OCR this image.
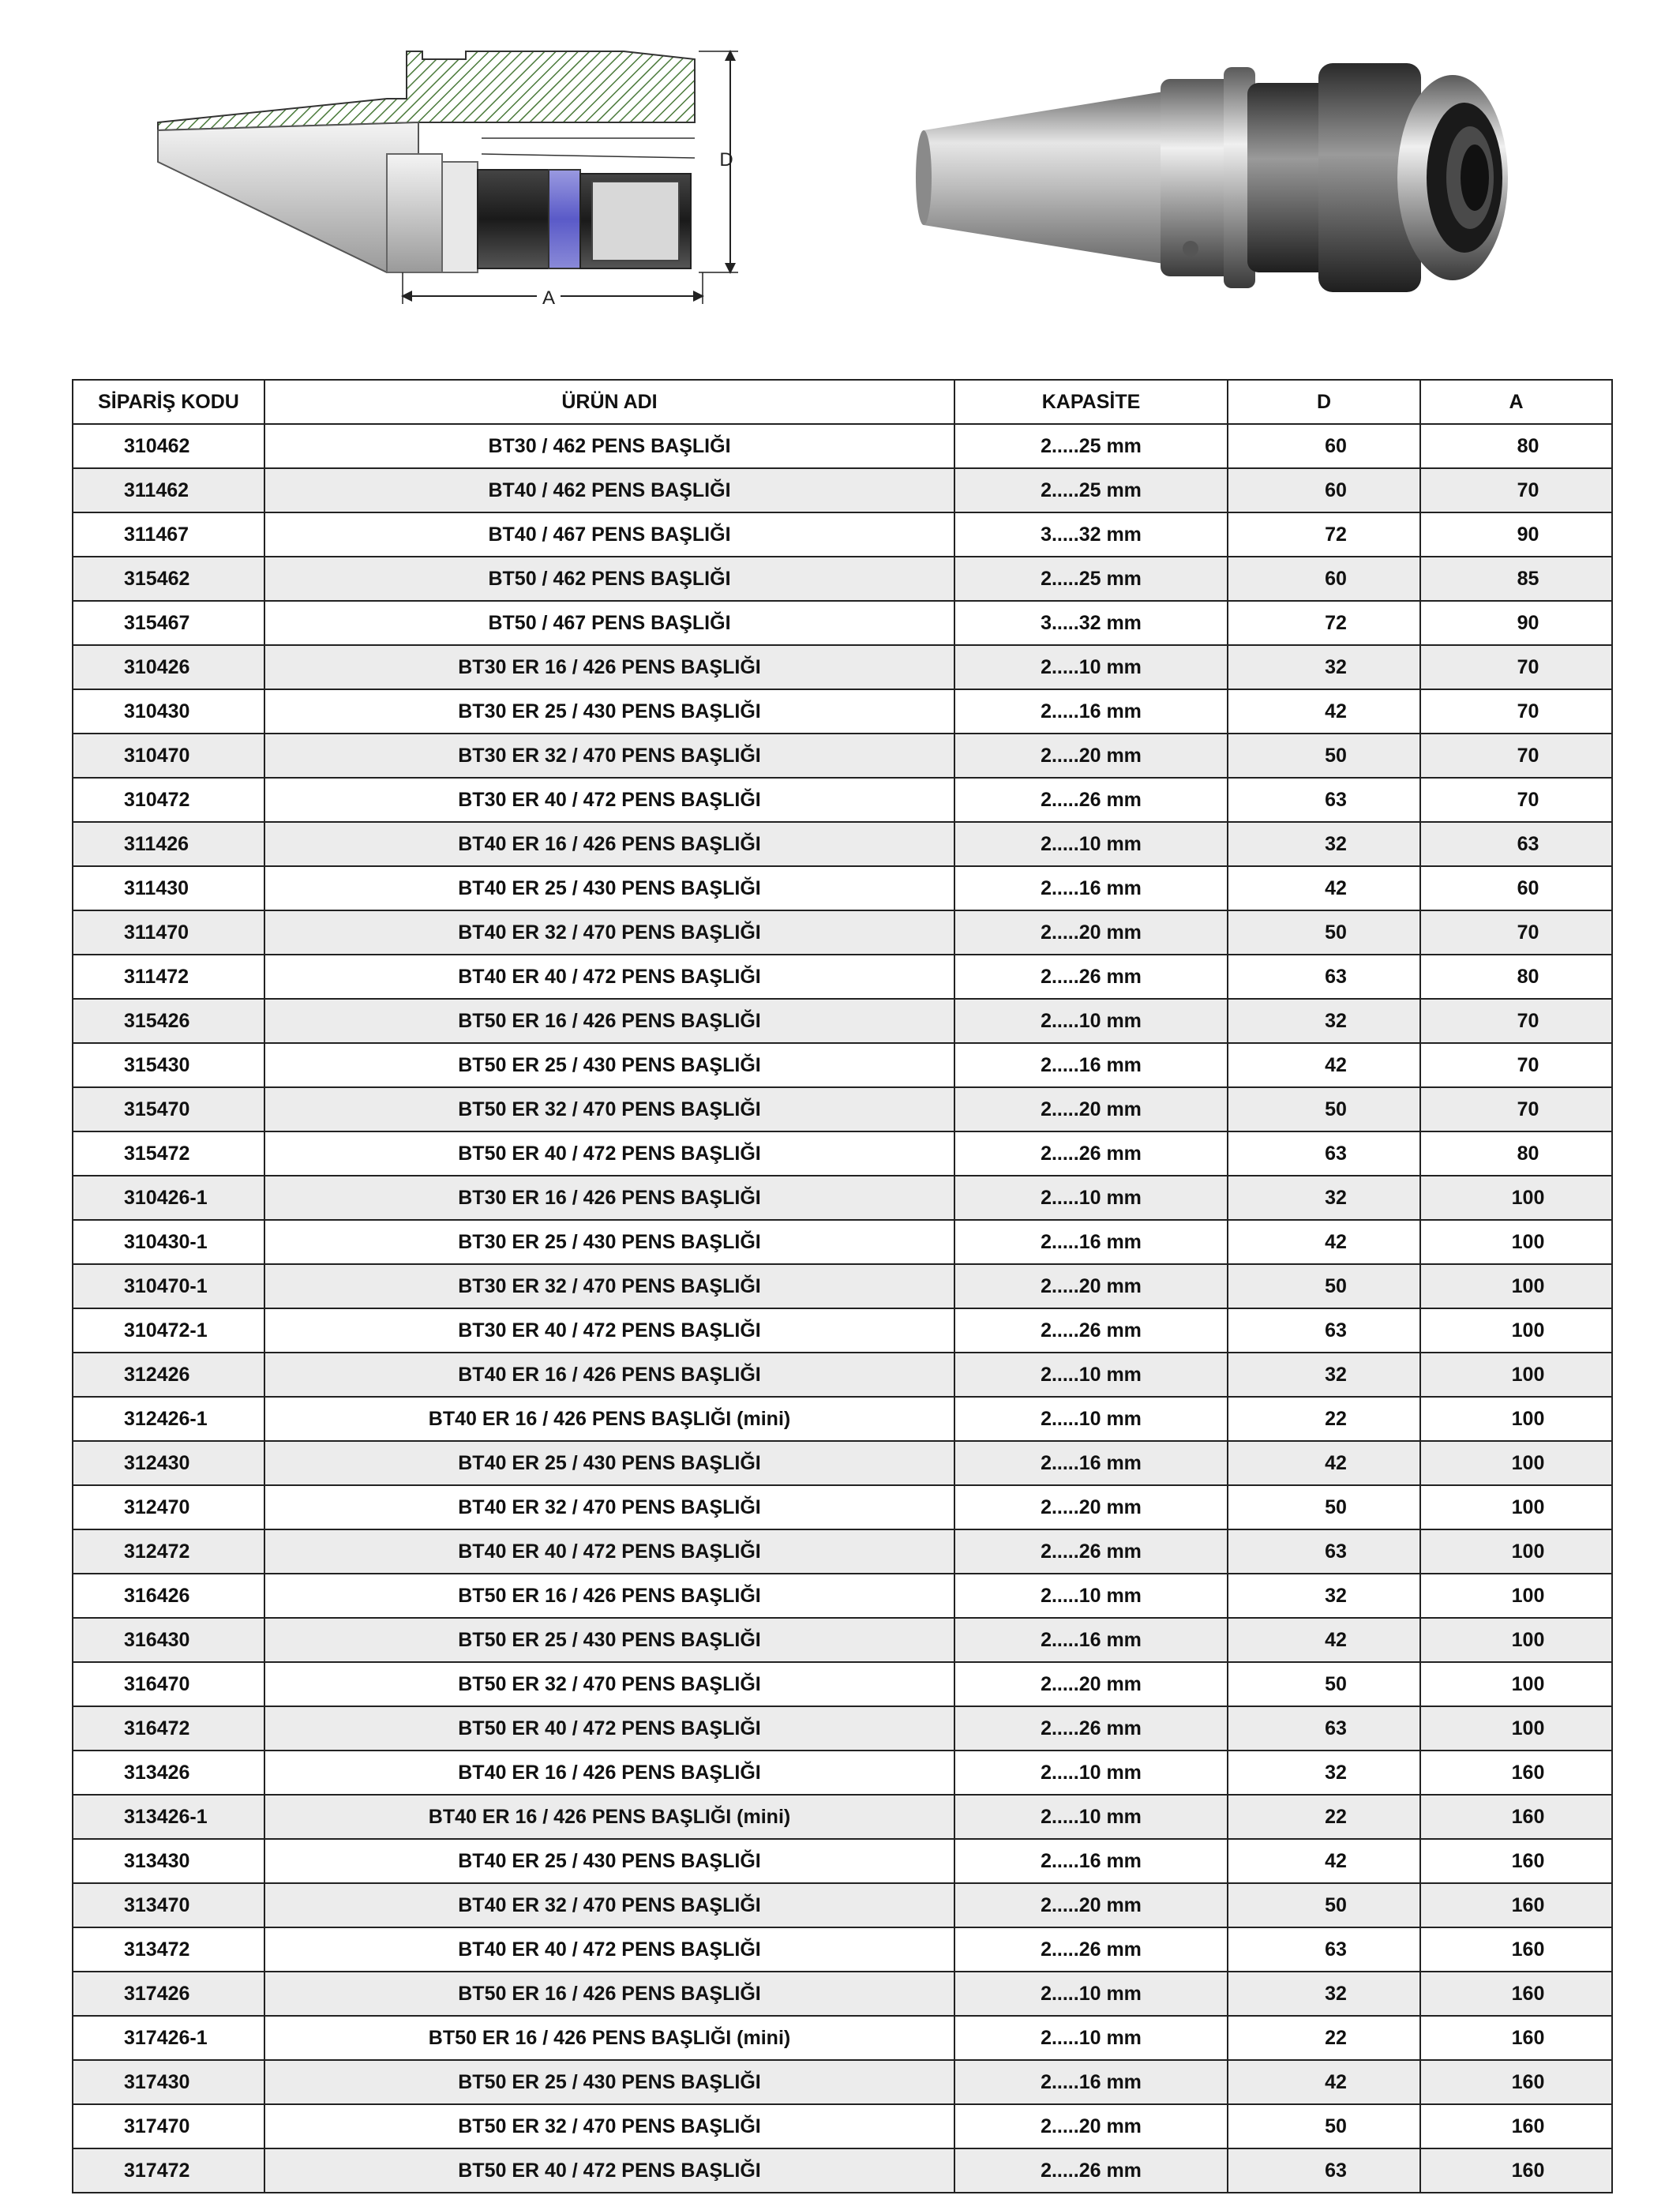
D
A
SİPARİŞ KODU	ÜRÜN ADI	KAPASİTE	D	A
310462	BT30 / 462 PENS BAŞLIĞI	2.....25 mm	60	80
311462	BT40 / 462 PENS BAŞLIĞI	2.....25 mm	60	70
311467	BT40 / 467 PENS BAŞLIĞI	3.....32 mm	72	90
315462	BT50 / 462 PENS BAŞLIĞI	2.....25 mm	60	85
315467	BT50 / 467 PENS BAŞLIĞI	3.....32 mm	72	90
310426	BT30 ER 16 / 426 PENS BAŞLIĞI	2.....10 mm	32	70
310430	BT30 ER 25 / 430 PENS BAŞLIĞI	2.....16 mm	42	70
310470	BT30 ER 32 / 470 PENS BAŞLIĞI	2.....20 mm	50	70
310472	BT30 ER 40 / 472 PENS BAŞLIĞI	2.....26 mm	63	70
311426	BT40 ER 16 / 426 PENS BAŞLIĞI	2.....10 mm	32	63
311430	BT40 ER 25 / 430 PENS BAŞLIĞI	2.....16 mm	42	60
311470	BT40 ER 32 / 470 PENS BAŞLIĞI	2.....20 mm	50	70
311472	BT40 ER 40 / 472 PENS BAŞLIĞI	2.....26 mm	63	80
315426	BT50 ER 16 / 426 PENS BAŞLIĞI	2.....10 mm	32	70
315430	BT50 ER 25 / 430 PENS BAŞLIĞI	2.....16 mm	42	70
315470	BT50 ER 32 / 470 PENS BAŞLIĞI	2.....20 mm	50	70
315472	BT50 ER 40 / 472 PENS BAŞLIĞI	2.....26 mm	63	80
310426-1	BT30 ER 16 / 426 PENS BAŞLIĞI	2.....10 mm	32	100
310430-1	BT30 ER 25 / 430 PENS BAŞLIĞI	2.....16 mm	42	100
310470-1	BT30 ER 32 / 470 PENS BAŞLIĞI	2.....20 mm	50	100
310472-1	BT30 ER 40 / 472 PENS BAŞLIĞI	2.....26 mm	63	100
312426	BT40 ER 16 / 426 PENS BAŞLIĞI	2.....10 mm	32	100
312426-1	BT40 ER 16 / 426 PENS BAŞLIĞI (mini)	2.....10 mm	22	100
312430	BT40 ER 25 / 430 PENS BAŞLIĞI	2.....16 mm	42	100
312470	BT40 ER 32 / 470 PENS BAŞLIĞI	2.....20 mm	50	100
312472	BT40 ER 40 / 472 PENS BAŞLIĞI	2.....26 mm	63	100
316426	BT50 ER 16 / 426 PENS BAŞLIĞI	2.....10 mm	32	100
316430	BT50 ER 25 / 430 PENS BAŞLIĞI	2.....16 mm	42	100
316470	BT50 ER 32 / 470 PENS BAŞLIĞI	2.....20 mm	50	100
316472	BT50 ER 40 / 472 PENS BAŞLIĞI	2.....26 mm	63	100
313426	BT40 ER 16 / 426 PENS BAŞLIĞI	2.....10 mm	32	160
313426-1	BT40 ER 16 / 426 PENS BAŞLIĞI (mini)	2.....10 mm	22	160
313430	BT40 ER 25 / 430 PENS BAŞLIĞI	2.....16 mm	42	160
313470	BT40 ER 32 / 470 PENS BAŞLIĞI	2.....20 mm	50	160
313472	BT40 ER 40 / 472 PENS BAŞLIĞI	2.....26 mm	63	160
317426	BT50 ER 16 / 426 PENS BAŞLIĞI	2.....10 mm	32	160
317426-1	BT50 ER 16 / 426 PENS BAŞLIĞI (mini)	2.....10 mm	22	160
317430	BT50 ER 25 / 430 PENS BAŞLIĞI	2.....16 mm	42	160
317470	BT50 ER 32 / 470 PENS BAŞLIĞI	2.....20 mm	50	160
317472	BT50 ER 40 / 472 PENS BAŞLIĞI	2.....26 mm	63	160
